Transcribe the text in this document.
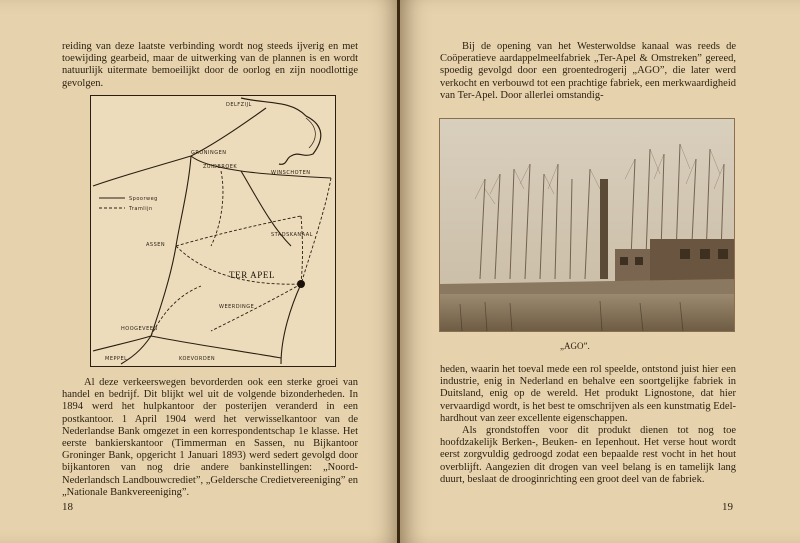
reiding van deze laatste verbinding wordt nog steeds ijverig en met toewijding gearbeid, maar de uitwerking van de plannen is en wordt natuurlijk uitermate bemoeilijkt door de oorlog en zijn noodlottige gevolgen.

Spoorweg
Tramlijn
DELFZIJL
GRONINGEN
ZUIDBROEK
WINSCHOTEN
ASSEN
STADSKANAAL
TER APEL
WEERDINGE
HOOGEVEEN
MEPPEL	KOEVORDEN

Al deze verkeerswegen bevorderden ook een sterke groei van handel en bedrijf. Dit blijkt wel uit de volgende bizonderheden. In 1894 werd het hulpkantoor der posterijen veranderd in een postkantoor. 1 April 1904 werd het verwisselkantoor van de Nederlandse Bank omgezet in een korrespondentschap 1e klasse. Het eerste bankierskantoor (Timmerman en Sassen, nu Bijkantoor Groninger Bank, opgericht 1 Januari 1893) werd sedert gevolgd door bijkantoren van nog drie andere bankinstellingen: „Noord-Nederlandsch Landbouwcrediet”, „Geldersche Credietvereeniging” en „Nationale Bankvereeniging”.

18

Bij de opening van het Westerwoldse kanaal was reeds de Coöperatieve aardappelmeelfabriek „Ter-Apel & Omstreken” gereed, spoedig gevolgd door een groentedrogerij „AGO”, die later werd verkocht en verbouwd tot een prachtige fabriek, een merkwaardigheid van Ter-Apel. Door allerlei omstandig-

„AGO”.

heden, waarin het toeval mede een rol speelde, ontstond juist hier een industrie, enig in Nederland en behalve een soortgelijke fabriek in Duitsland, enig op de wereld. Het produkt Lignostone, dat hier vervaardigd wordt, is het best te omschrijven als een kunstmatig Edel-hardhout van zeer excellente eigenschappen.

Als grondstoffen voor dit produkt dienen tot nog toe hoofdzakelijk Berken-, Beuken- en Iepenhout. Het verse hout wordt eerst zorgvuldig gedroogd zodat een bepaalde rest vocht in het hout overblijft. Aangezien dit drogen van veel belang is en tamelijk lang duurt, beslaat de drooginrichting een groot deel van de fabriek.

19
